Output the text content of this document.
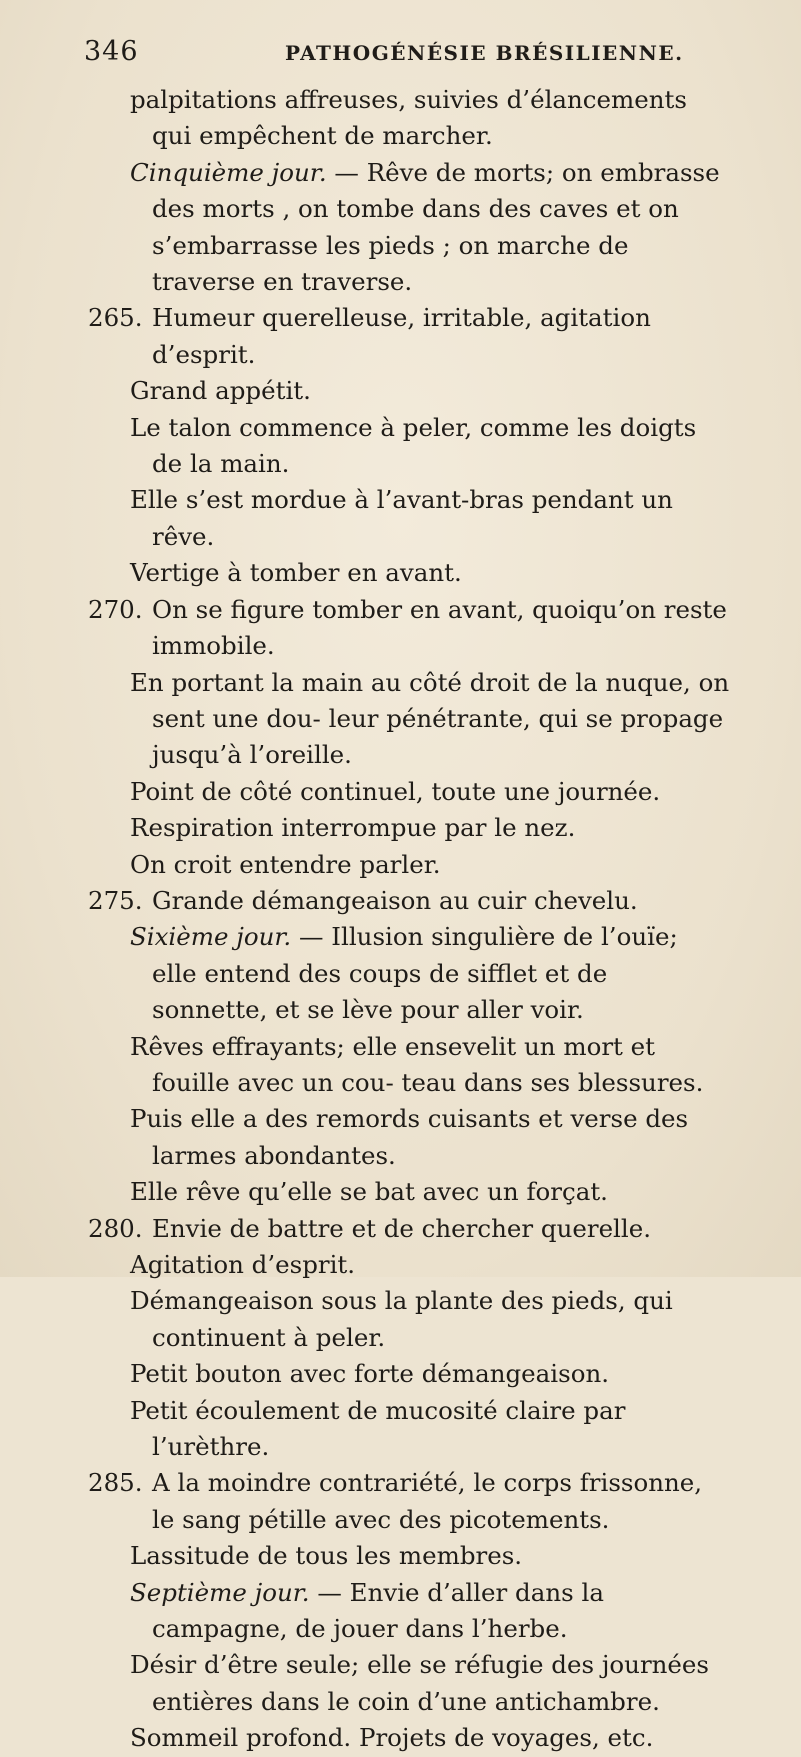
346	PATHOGÉNÉSIE BRÉSILIENNE.
palpitations affreuses, suivies d’élancements qui empêchent de marcher.
Cinquième jour. — Rêve de morts; on embrasse des morts , on tombe dans des caves et on s’embarrasse les pieds ; on marche de traverse en traverse.
265. Humeur querelleuse, irritable, agitation d’esprit.
Grand appétit.
Le talon commence à peler, comme les doigts de la main.
Elle s’est mordue à l’avant-bras pendant un rêve.
Vertige à tomber en avant.
270. On se figure tomber en avant, quoiqu’on reste immobile.
En portant la main au côté droit de la nuque, on sent une dou- leur pénétrante, qui se propage jusqu’à l’oreille.
Point de côté continuel, toute une journée.
Respiration interrompue par le nez.
On croit entendre parler.
275. Grande démangeaison au cuir chevelu.
Sixième jour. — Illusion singulière de l’ouïe; elle entend des coups de sifflet et de sonnette, et se lève pour aller voir.
Rêves effrayants; elle ensevelit un mort et fouille avec un cou- teau dans ses blessures.
Puis elle a des remords cuisants et verse des larmes abondantes.
Elle rêve qu’elle se bat avec un forçat.
280. Envie de battre et de chercher querelle.
Agitation d’esprit.
Démangeaison sous la plante des pieds, qui continuent à peler.
Petit bouton avec forte démangeaison.
Petit écoulement de mucosité claire par l’urèthre.
285. A la moindre contrariété, le corps frissonne, le sang pétille avec des picotements.
Lassitude de tous les membres.
Septième jour. — Envie d’aller dans la campagne, de jouer dans l’herbe.
Désir d’être seule; elle se réfugie des journées entières dans le coin d’une antichambre.
Sommeil profond. Projets de voyages, etc.
